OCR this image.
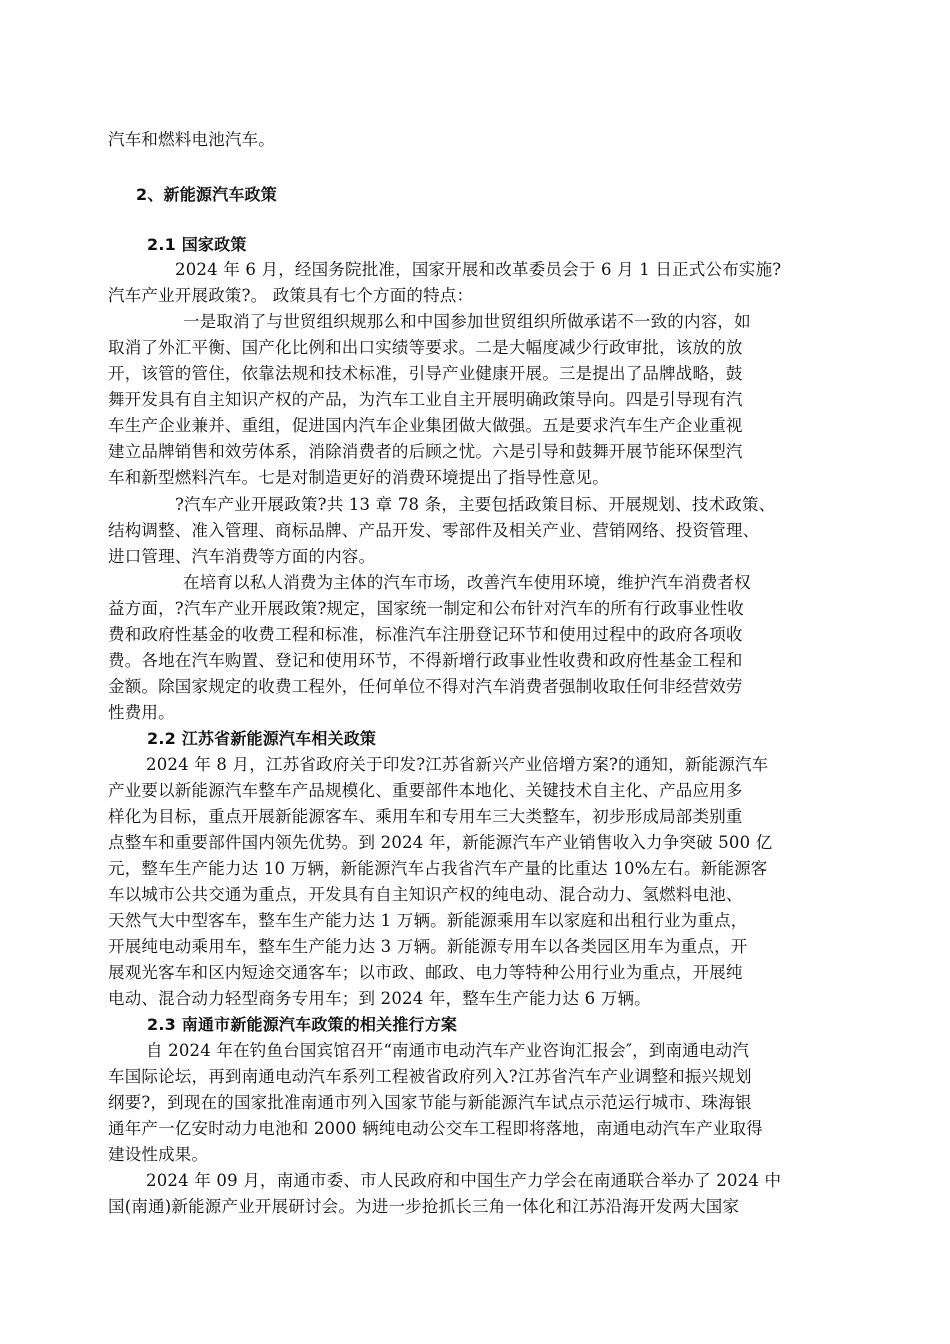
汽车和燃料电池汽车。
2、新能源汽车政策
2.1 国家政策
2024 年 6 月，经国务院批准，国家开展和改革委员会于 6 月 1 日正式公布实施?
汽车产业开展政策?。 政策具有七个方面的特点：
一是取消了与世贸组织规那么和中国参加世贸组织所做承诺不一致的内容，如
取消了外汇平衡、国产化比例和出口实绩等要求。二是大幅度减少行政审批，该放的放
开，该管的管住，依靠法规和技术标准，引导产业健康开展。三是提出了品牌战略，鼓
舞开发具有自主知识产权的产品，为汽车工业自主开展明确政策导向。四是引导现有汽
车生产企业兼并、重组，促进国内汽车企业集团做大做强。五是要求汽车生产企业重视
建立品牌销售和效劳体系，消除消费者的后顾之忧。六是引导和鼓舞开展节能环保型汽
车和新型燃料汽车。七是对制造更好的消费环境提出了指导性意见。
?汽车产业开展政策?共 13 章 78 条，主要包括政策目标、开展规划、技术政策、
结构调整、准入管理、商标品牌、产品开发、零部件及相关产业、营销网络、投资管理、
进口管理、汽车消费等方面的内容。
在培育以私人消费为主体的汽车市场，改善汽车使用环境，维护汽车消费者权
益方面，?汽车产业开展政策?规定，国家统一制定和公布针对汽车的所有行政事业性收
费和政府性基金的收费工程和标准，标准汽车注册登记环节和使用过程中的政府各项收
费。各地在汽车购置、登记和使用环节，不得新增行政事业性收费和政府性基金工程和
金额。除国家规定的收费工程外，任何单位不得对汽车消费者强制收取任何非经营效劳
性费用。
2.2 江苏省新能源汽车相关政策
2024 年 8 月，江苏省政府关于印发?江苏省新兴产业倍增方案?的通知，新能源汽车
产业要以新能源汽车整车产品规模化、重要部件本地化、关键技术自主化、产品应用多
样化为目标，重点开展新能源客车、乘用车和专用车三大类整车，初步形成局部类别重
点整车和重要部件国内领先优势。到 2024 年，新能源汽车产业销售收入力争突破 500 亿
元，整车生产能力达 10 万辆，新能源汽车占我省汽车产量的比重达 10%左右。新能源客
车以城市公共交通为重点，开发具有自主知识产权的纯电动、混合动力、氢燃料电池、
天然气大中型客车，整车生产能力达 1 万辆。新能源乘用车以家庭和出租行业为重点，
开展纯电动乘用车，整车生产能力达 3 万辆。新能源专用车以各类园区用车为重点，开
展观光客车和区内短途交通客车；以市政、邮政、电力等特种公用行业为重点，开展纯
电动、混合动力轻型商务专用车；到 2024 年，整车生产能力达 6 万辆。
2.3 南通市新能源汽车政策的相关推行方案
自 2024 年在钓鱼台国宾馆召开“南通市电动汽车产业咨询汇报会″，到南通电动汽
车国际论坛，再到南通电动汽车系列工程被省政府列入?江苏省汽车产业调整和振兴规划
纲要?，到现在的国家批准南通市列入国家节能与新能源汽车试点示范运行城市、珠海银
通年产一亿安时动力电池和 2000 辆纯电动公交车工程即将落地，南通电动汽车产业取得
建设性成果。
2024 年 09 月，南通市委、市人民政府和中国生产力学会在南通联合举办了 2024 中
国(南通)新能源产业开展研讨会。为进一步抢抓长三角一体化和江苏沿海开发两大国家
